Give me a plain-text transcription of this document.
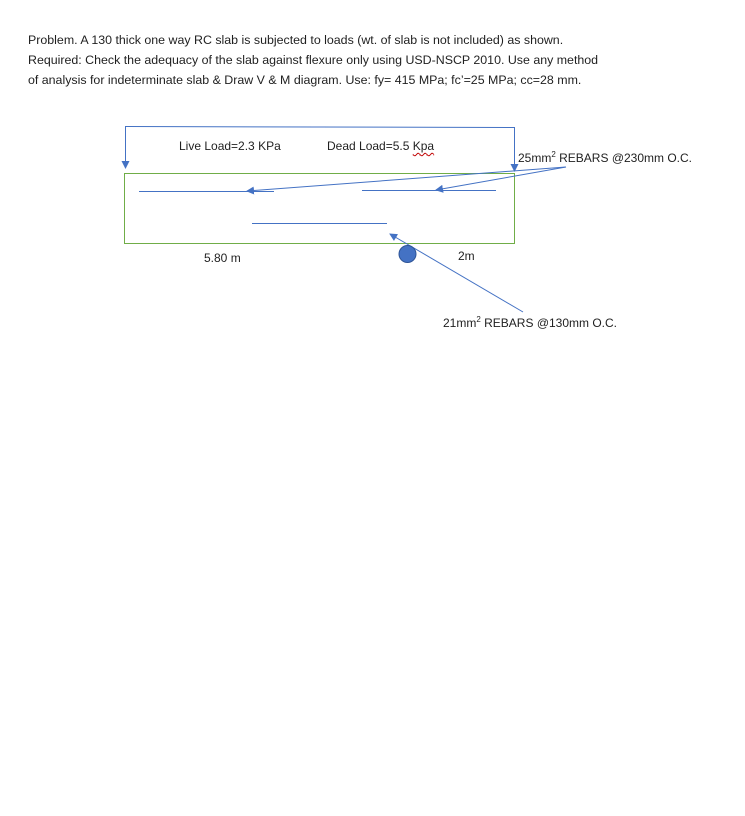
Problem. A 130 thick one way RC slab is subjected to loads (wt. of slab is not included) as shown.

Required: Check the adequacy of the slab against flexure only using USD-NSCP 2010. Use any method

of analysis for indeterminate slab & Draw V & M diagram. Use: fy= 415 MPa; fc’=25 MPa; cc=28 mm.

Live Load=2.3 KPa	Dead Load=5.5 Kpa
$25mm^2$ REBARS @230mm O.C.
5.80 m	2m
$21mm^2$ REBARS @130mm O.C.
